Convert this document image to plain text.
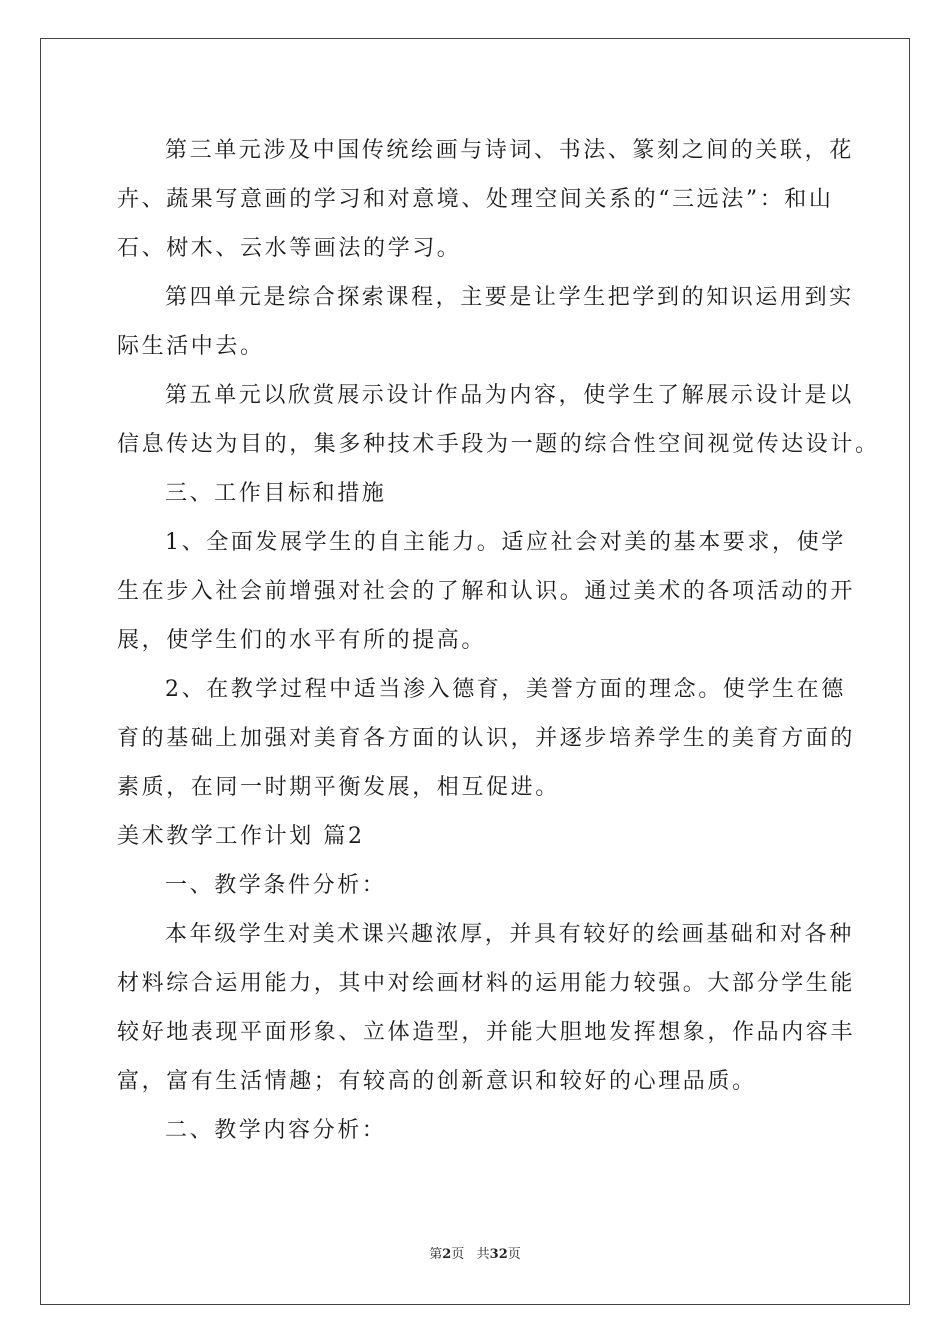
第三单元涉及中国传统绘画与诗词、书法、篆刻之间的关联，花
卉、蔬果写意画的学习和对意境、处理空间关系的“三远法”：和山
石、树木、云水等画法的学习。
第四单元是综合探索课程，主要是让学生把学到的知识运用到实
际生活中去。
第五单元以欣赏展示设计作品为内容，使学生了解展示设计是以
信息传达为目的，集多种技术手段为一题的综合性空间视觉传达设计。
三、工作目标和措施
1、全面发展学生的自主能力。适应社会对美的基本要求，使学
生在步入社会前增强对社会的了解和认识。通过美术的各项活动的开
展，使学生们的水平有所的提高。
2、在教学过程中适当渗入德育，美誉方面的理念。使学生在德
育的基础上加强对美育各方面的认识，并逐步培养学生的美育方面的
素质，在同一时期平衡发展，相互促进。
美术教学工作计划 篇2
一、教学条件分析：
本年级学生对美术课兴趣浓厚，并具有较好的绘画基础和对各种
材料综合运用能力，其中对绘画材料的运用能力较强。大部分学生能
较好地表现平面形象、立体造型，并能大胆地发挥想象，作品内容丰
富，富有生活情趣；有较高的创新意识和较好的心理品质。
二、教学内容分析：
第2页   共32页
